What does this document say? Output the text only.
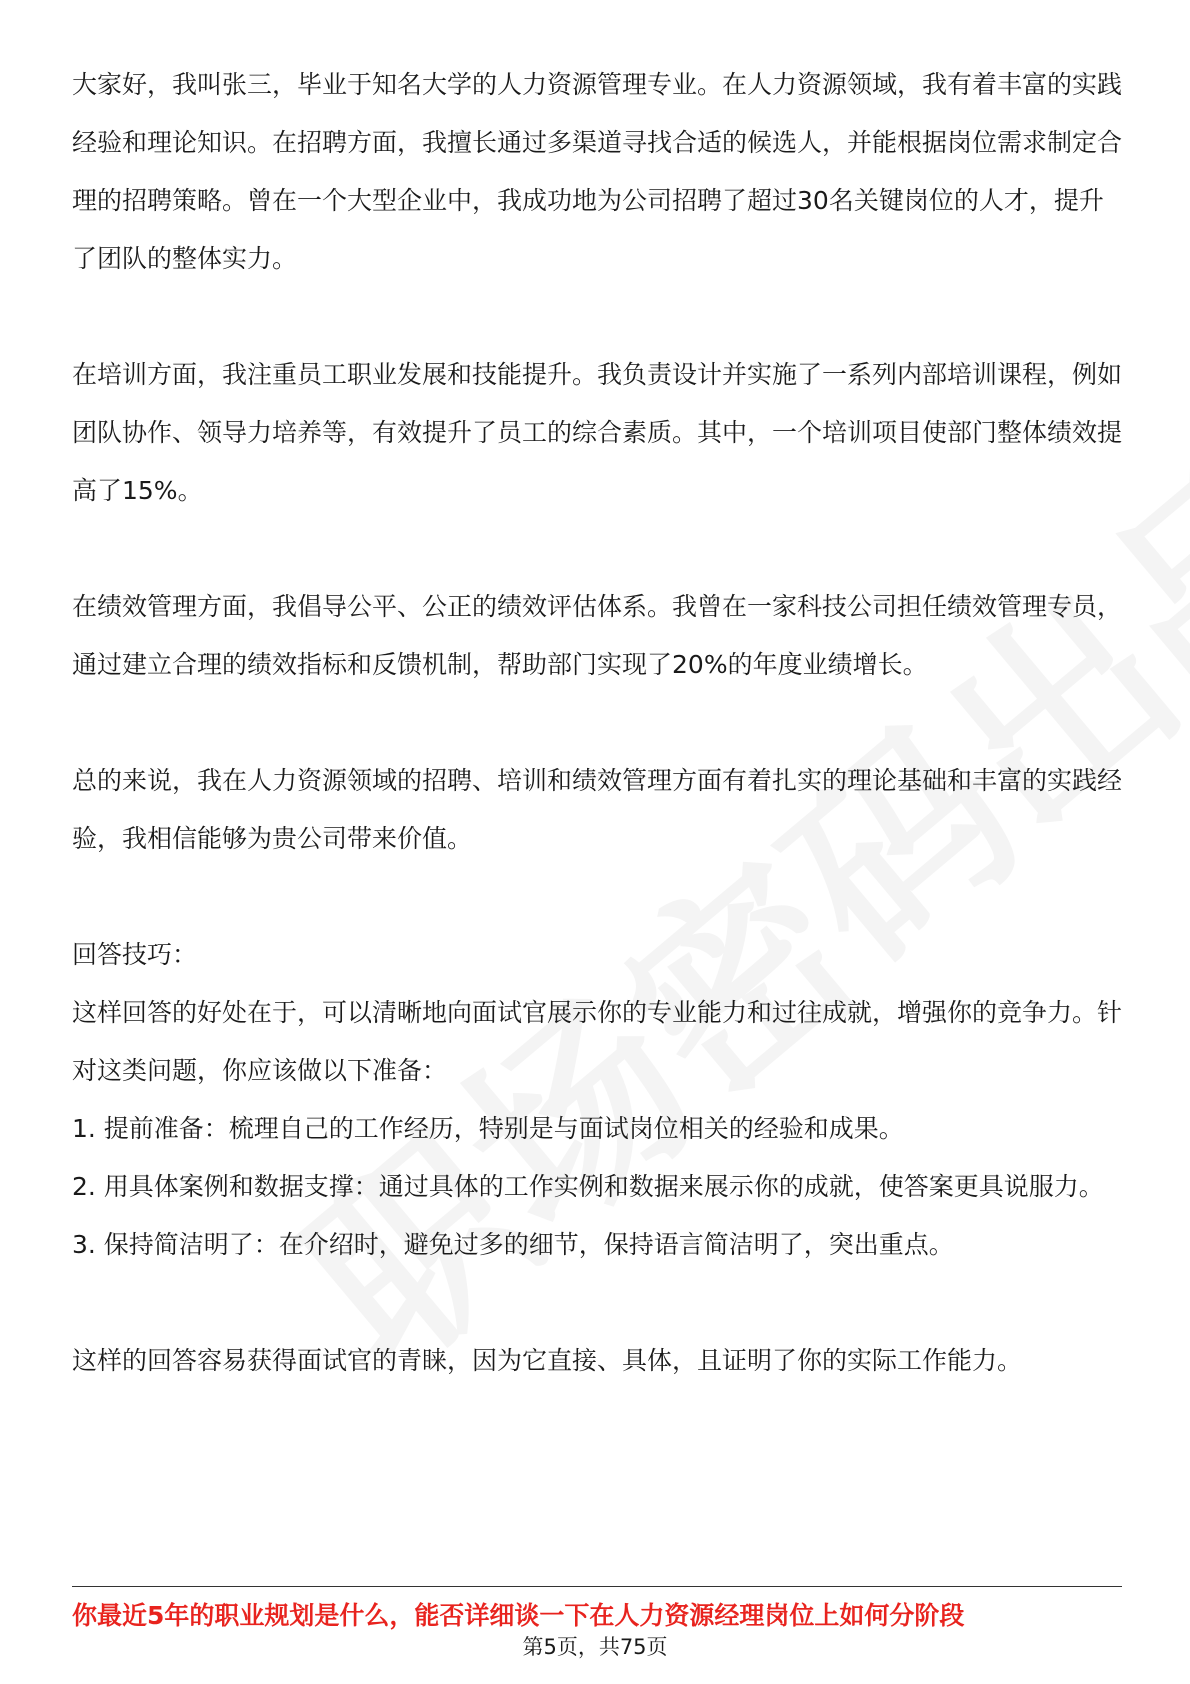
大家好，我叫张三，毕业于知名大学的人力资源管理专业。在人力资源领域，我有着丰富的实践经验和理论知识。在招聘方面，我擅长通过多渠道寻找合适的候选人，并能根据岗位需求制定合理的招聘策略。曾在一个大型企业中，我成功地为公司招聘了超过30名关键岗位的人才，提升了团队的整体实力。

在培训方面，我注重员工职业发展和技能提升。我负责设计并实施了一系列内部培训课程，例如团队协作、领导力培养等，有效提升了员工的综合素质。其中，一个培训项目使部门整体绩效提高了15%。

在绩效管理方面，我倡导公平、公正的绩效评估体系。我曾在一家科技公司担任绩效管理专员，通过建立合理的绩效指标和反馈机制，帮助部门实现了20%的年度业绩增长。

总的来说，我在人力资源领域的招聘、培训和绩效管理方面有着扎实的理论基础和丰富的实践经验，我相信能够为贵公司带来价值。

回答技巧：

这样回答的好处在于，可以清晰地向面试官展示你的专业能力和过往成就，增强你的竞争力。针对这类问题，你应该做以下准备：

1. 提前准备：梳理自己的工作经历，特别是与面试岗位相关的经验和成果。

2. 用具体案例和数据支撑：通过具体的工作实例和数据来展示你的成就，使答案更具说服力。

3. 保持简洁明了：在介绍时，避免过多的细节，保持语言简洁明了，突出重点。

这样的回答容易获得面试官的青睐，因为它直接、具体，且证明了你的实际工作能力。

你最近5年的职业规划是什么，能否详细谈一下在人力资源经理岗位上如何分阶段
第5页，共75页
